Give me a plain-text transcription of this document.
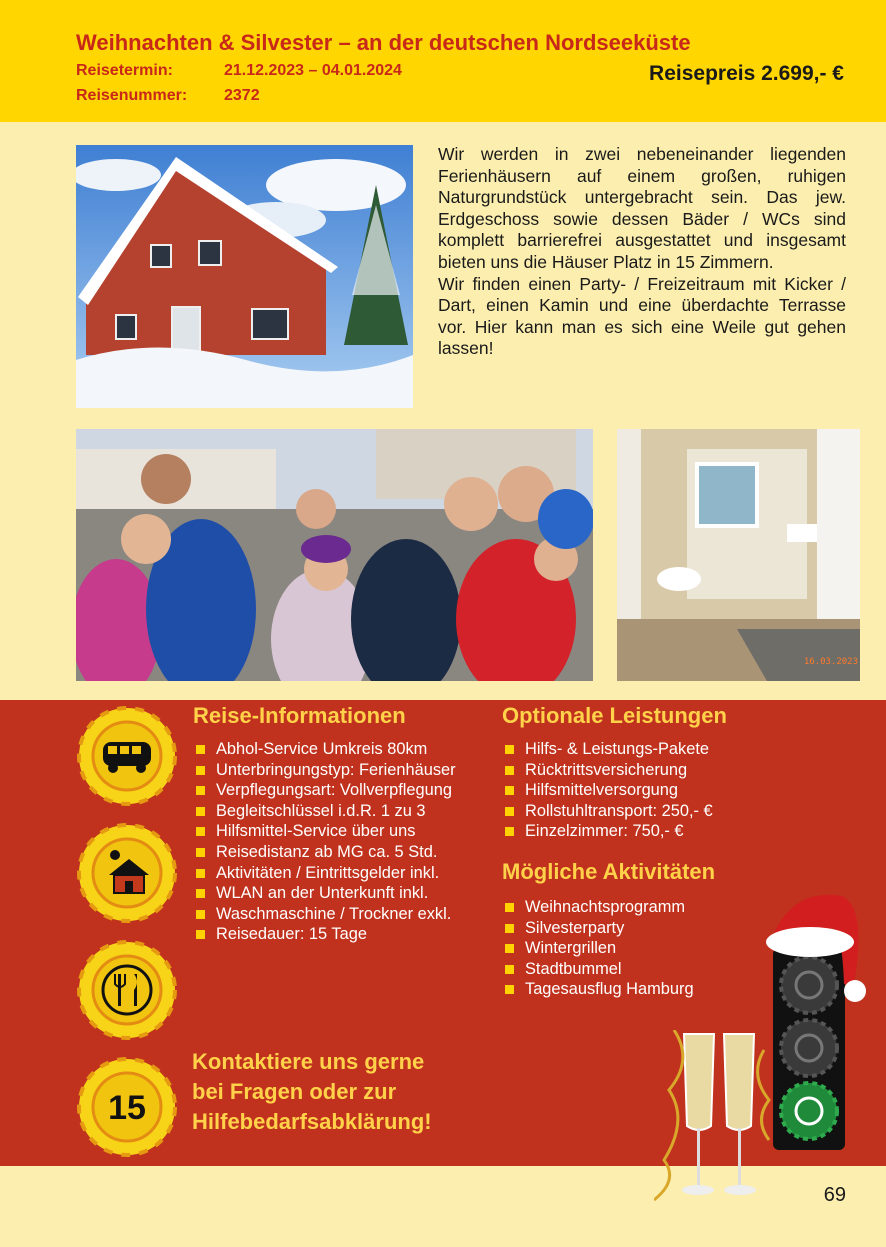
Weihnachten & Silvester – an der deutschen Nordseeküste
Reisetermin:	21.12.2023 – 04.01.2024
Reisenummer: 2372
Reisepreis 2.699,- €

Wir werden in zwei nebeneinander liegenden Ferienhäusern auf einem großen, ruhigen Naturgrundstück untergebracht sein. Das jew. Erdgeschoss sowie dessen Bäder / WCs sind komplett barrierefrei ausgestattet und insgesamt bieten uns die Häuser Platz in 15 Zimmern.

Wir finden einen Party- / Freizeitraum mit Kicker / Dart, einen Kamin und eine überdachte Terrasse vor. Hier kann man es sich eine Weile gut gehen lassen!

16.03.2023
15
Reise-Informationen
Abhol-Service Umkreis 80km
Unterbringungstyp: Ferienhäuser
Verpflegungsart: Vollverpflegung
Begleitschlüssel i.d.R. 1 zu 3
Hilfsmittel-Service über uns
Reisedistanz ab MG ca. 5 Std.
Aktivitäten / Eintrittsgelder inkl.
WLAN an der Unterkunft inkl.
Waschmaschine / Trockner exkl.
Reisedauer: 15 Tage
Optionale Leistungen
Hilfs- & Leistungs-Pakete
Rücktrittsversicherung
Hilfsmittelversorgung
Rollstuhltransport: 250,- €
Einzelzimmer: 750,- €
Mögliche Aktivitäten
Weihnachtsprogramm
Silvesterparty
Wintergrillen
Stadtbummel
Tagesausflug Hamburg
Kontaktiere uns gerne
bei Fragen oder zur
Hilfebedarfsabklärung!
69
